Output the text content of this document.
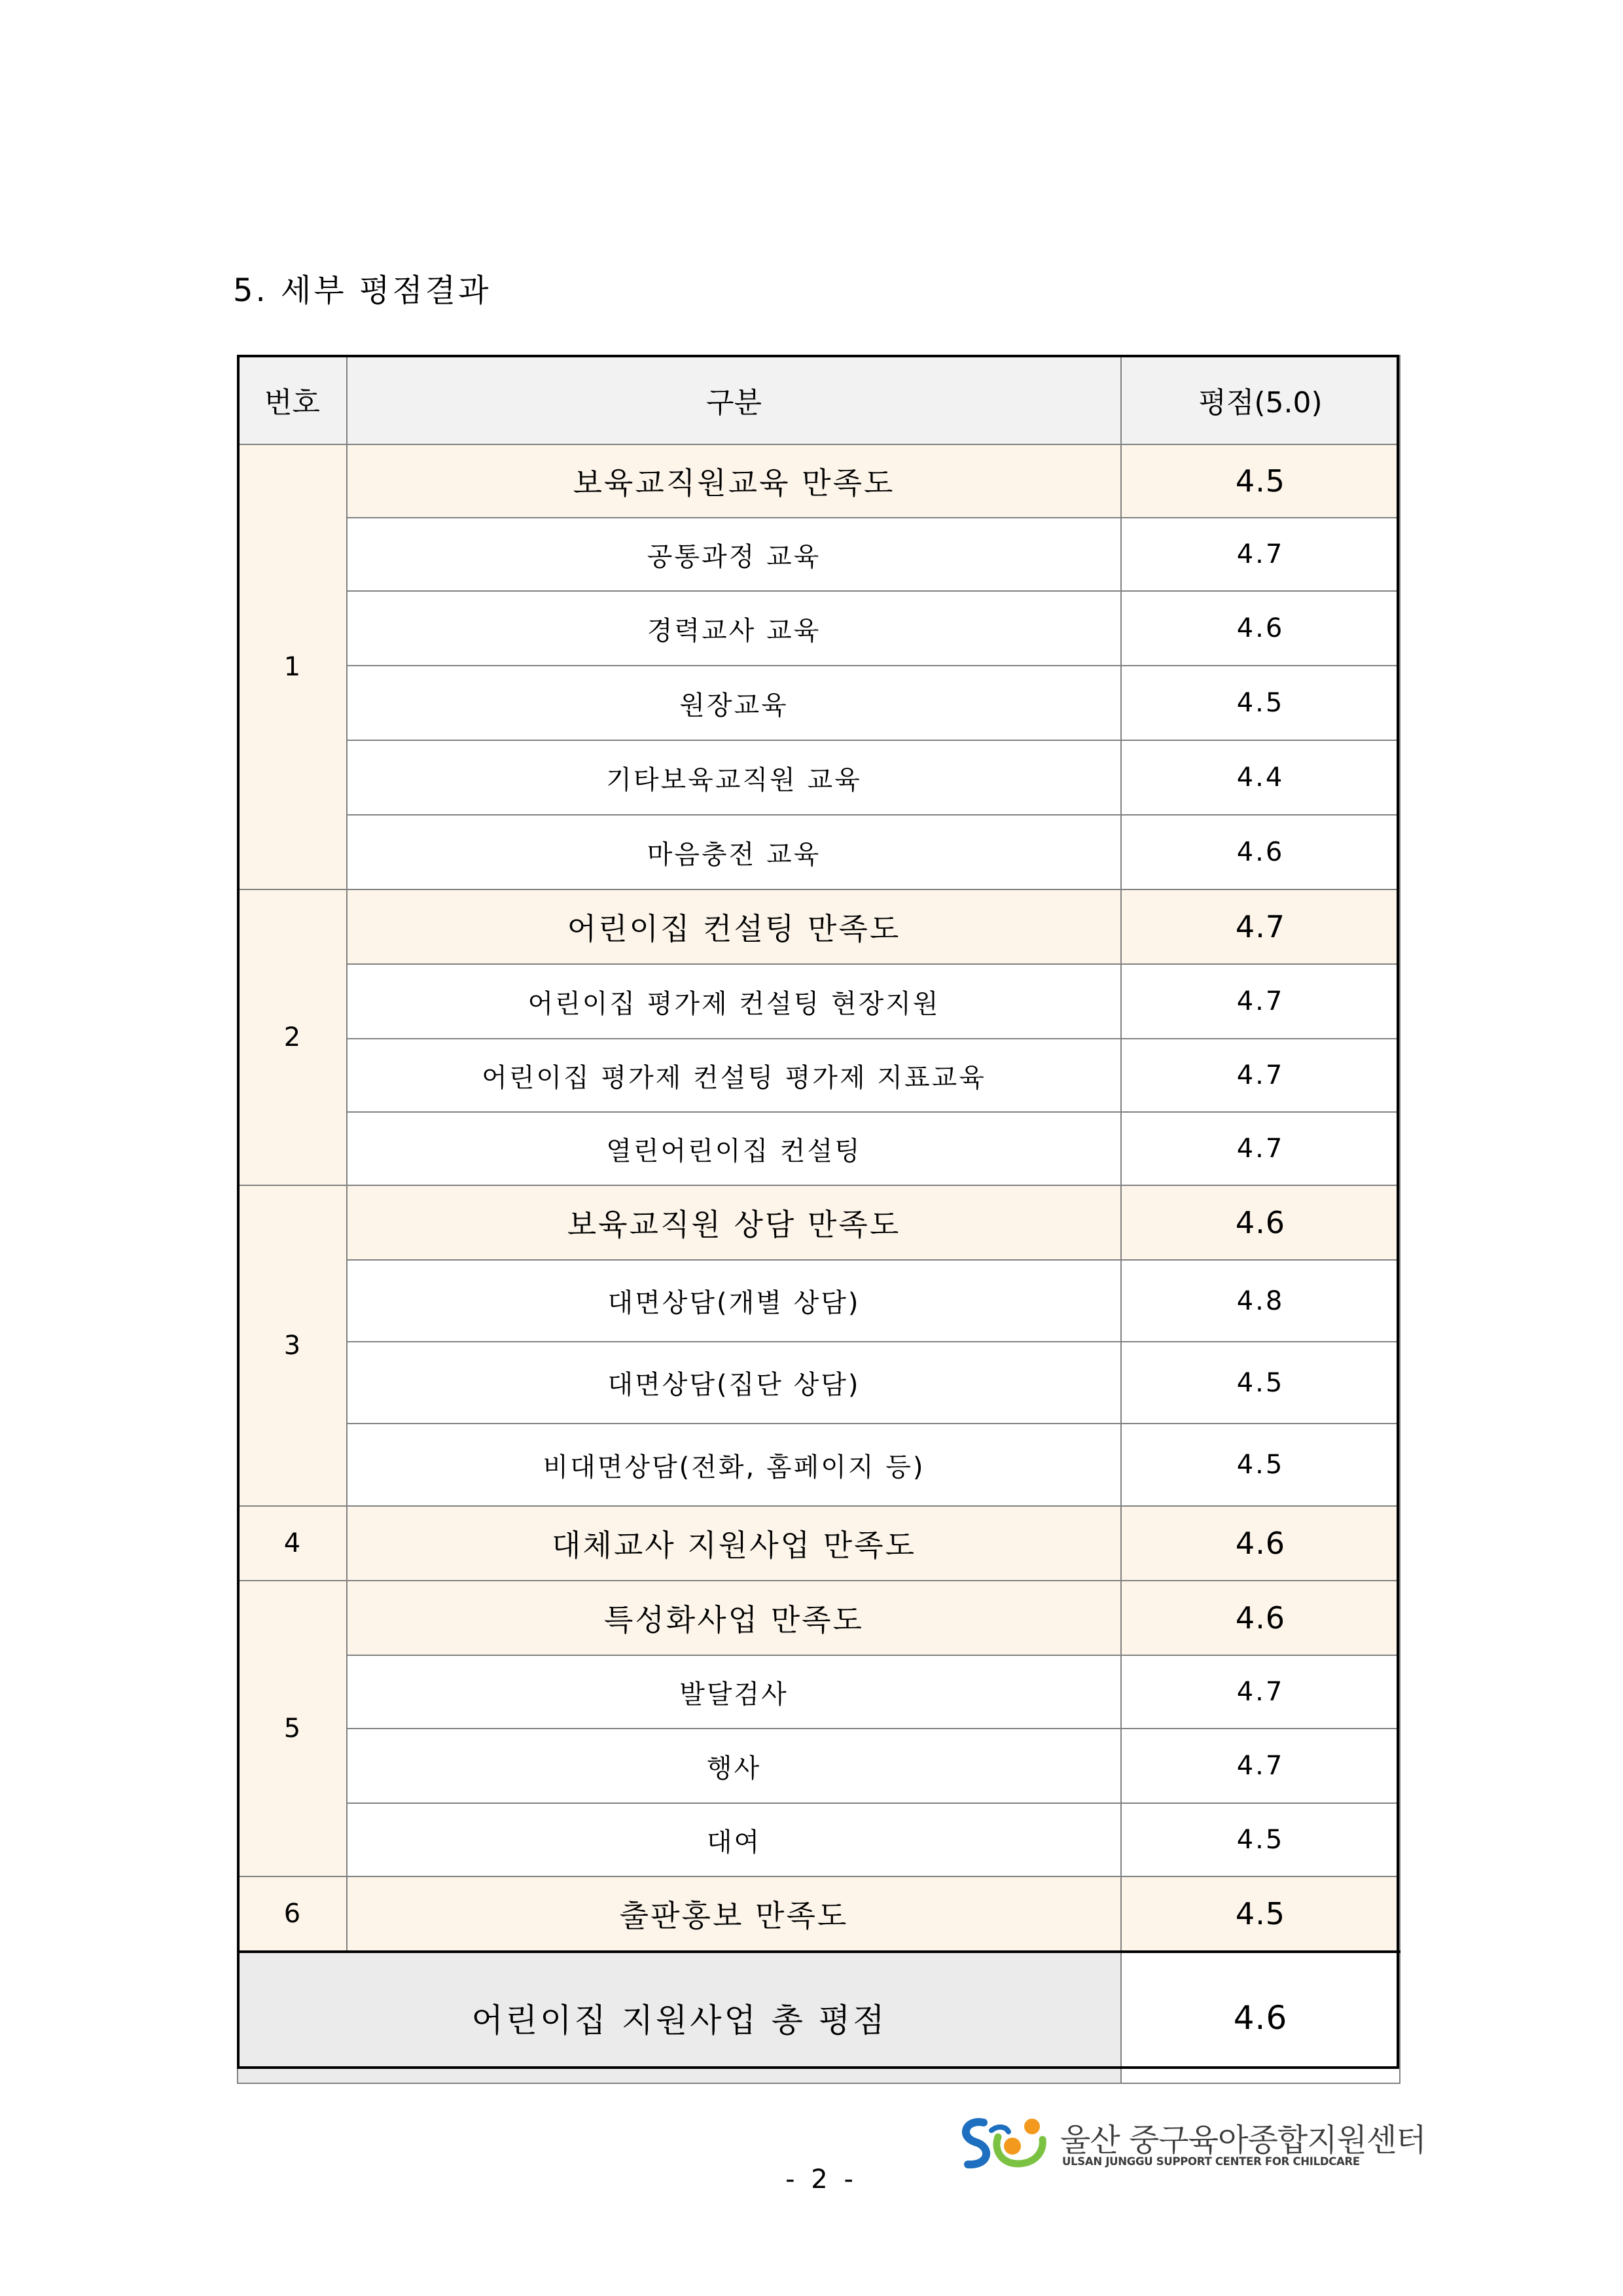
5. 세부 평점결과
번호	구분	평점(5.0)
1	보육교직원교육 만족도	4.5
	공통과정 교육	4.7
	경력교사 교육	4.6
	원장교육	4.5
	기타보육교직원 교육	4.4
	마음충전 교육	4.6
2	어린이집 컨설팅 만족도	4.7
	어린이집 평가제 컨설팅 현장지원	4.7
	어린이집 평가제 컨설팅 평가제 지표교육	4.7
	열린어린이집 컨설팅	4.7
3	보육교직원 상담 만족도	4.6
	대면상담(개별 상담)	4.8
	대면상담(집단 상담)	4.5
	비대면상담(전화, 홈페이지 등)	4.5
4	대체교사 지원사업 만족도	4.6
5	특성화사업 만족도	4.6
	발달검사	4.7
	행사	4.7
	대여	4.5
6	출판홍보 만족도	4.5
어린이집 지원사업 총 평점		4.6
- 2 -
울산 중구육아종합지원센터
ULSAN JUNGGU SUPPORT CENTER FOR CHILDCARE
